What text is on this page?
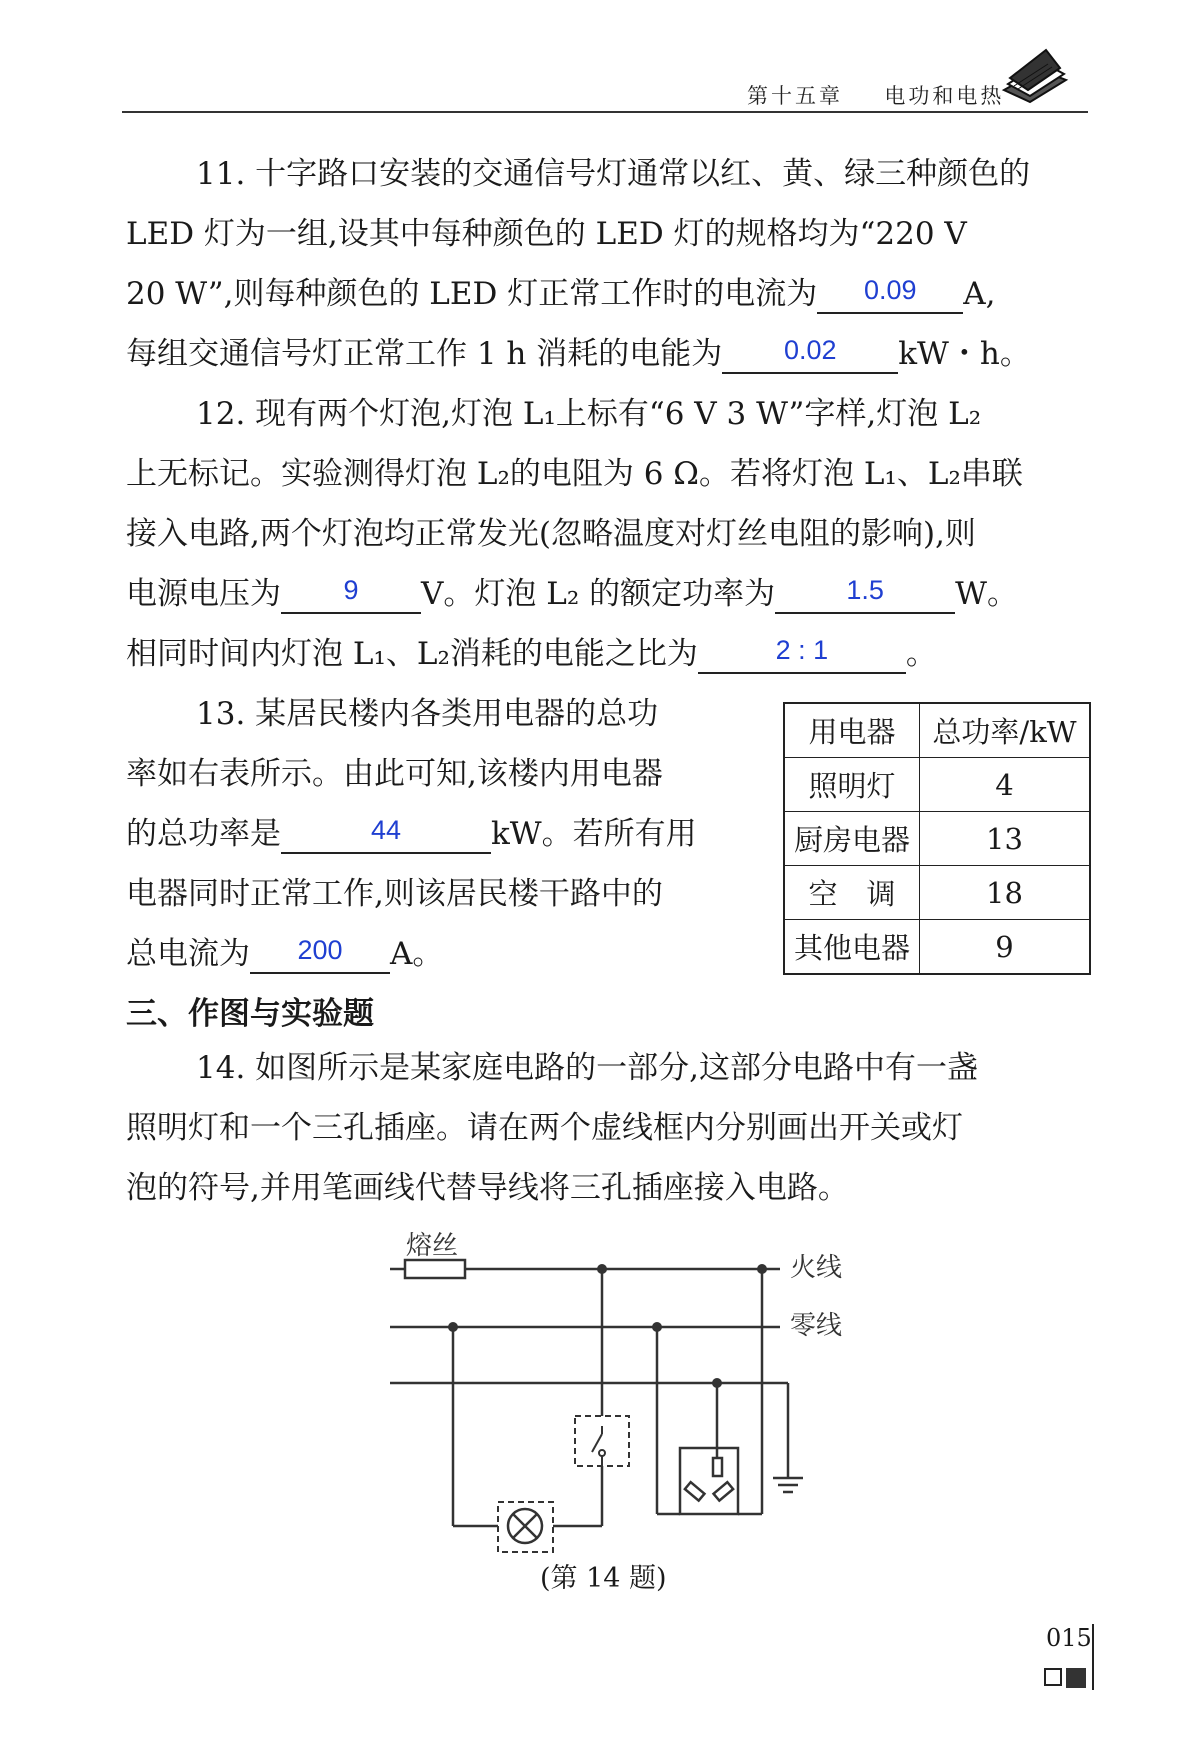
第十五章 电功和电热
11. 十字路口安装的交通信号灯通常以红、黄、绿三种颜色的
LED 灯为一组,设其中每种颜色的 LED 灯的规格均为“220 V
20 W”,则每种颜色的 LED 灯正常工作时的电流为	0.09	A,
每组交通信号灯正常工作 1 h 消耗的电能为	0.02	kW・h。
12. 现有两个灯泡,灯泡 L₁上标有“6 V 3 W”字样,灯泡 L₂
上无标记。实验测得灯泡 L₂的电阻为 6 Ω。若将灯泡 L₁、L₂串联
接入电路,两个灯泡均正常发光(忽略温度对灯丝电阻的影响),则
电源电压为	9	V。灯泡 L₂ 的额定功率为	1.5	W。
相同时间内灯泡 L₁、L₂消耗的电能之比为	2 : 1	。
13. 某居民楼内各类用电器的总功
率如右表所示。由此可知,该楼内用电器
的总功率是	44	kW。若所有用
电器同时正常工作,则该居民楼干路中的
总电流为	200	A。
用电器	总功率/kW
照明灯	4
厨房电器	13
空　调	18
其他电器	9
三、作图与实验题
14. 如图所示是某家庭电路的一部分,这部分电路中有一盏
照明灯和一个三孔插座。请在两个虚线框内分别画出开关或灯
泡的符号,并用笔画线代替导线将三孔插座接入电路。
熔丝
火线
零线
(第 14 题)
015
